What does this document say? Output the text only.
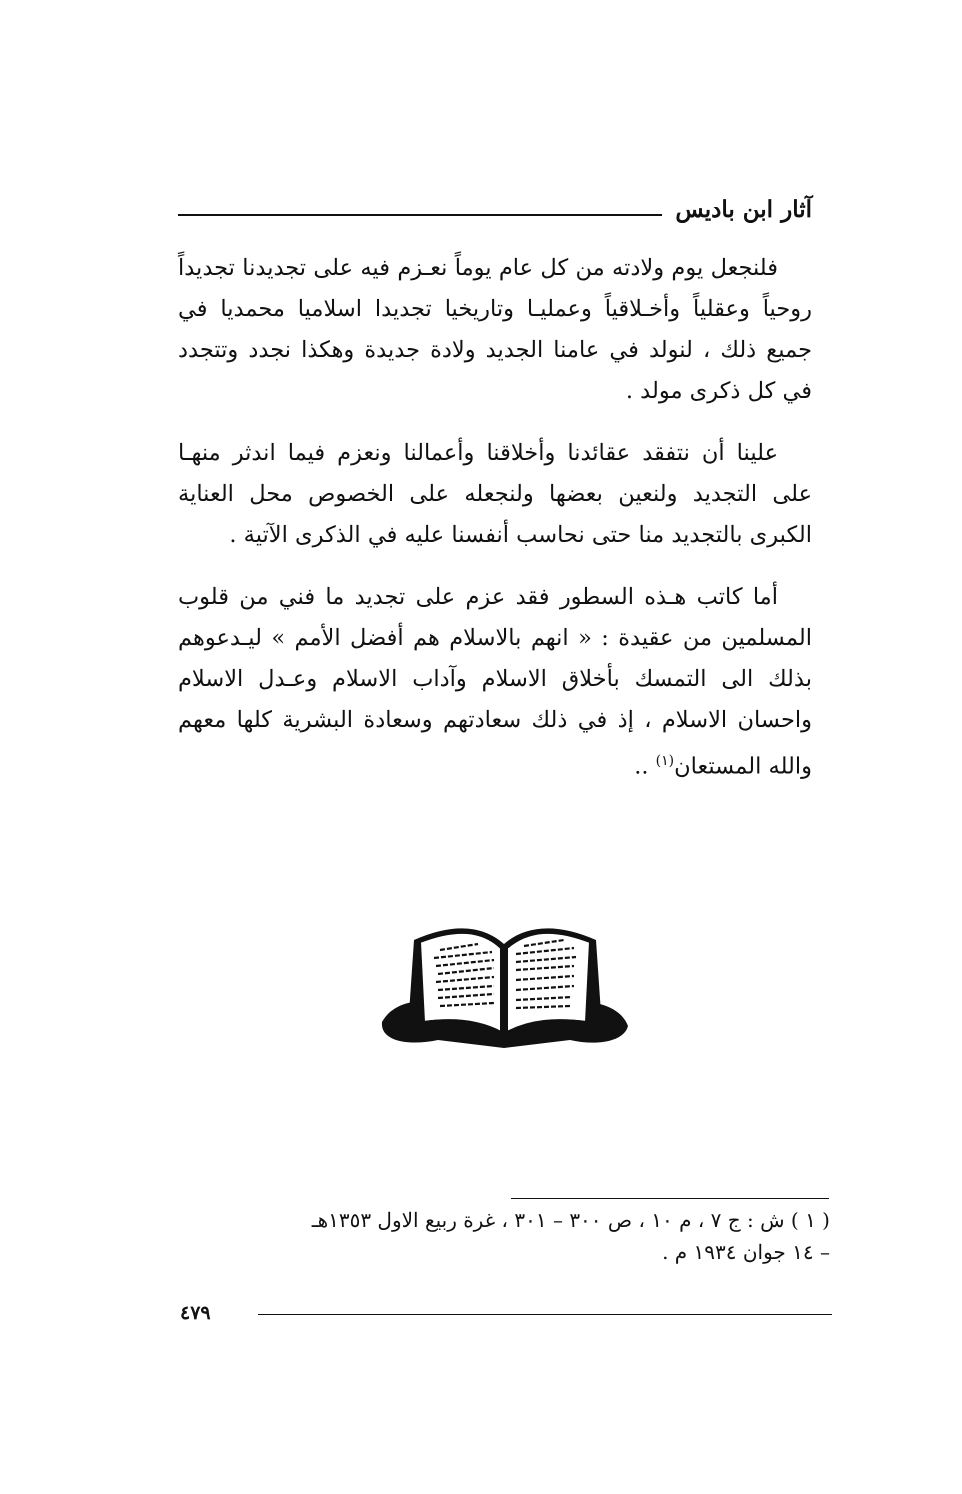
آثار ابن باديس

فلنجعل يوم ولادته من كل عام يوماً نعـزم فيه على تجديدنا تجديداً روحياً وعقلياً وأخـلاقياً وعمليـا وتاريخيا تجديدا اسلاميا محمديا في جميع ذلك ، لنولد في عامنا الجديد ولادة جديدة وهكذا نجدد وتتجدد في كل ذكرى مولد .

علينا أن نتفقد عقائدنا وأخلاقنا وأعمالنا ونعزم فيما اندثر منهـا على التجديد ولنعين بعضها ولنجعله على الخصوص محل العناية الكبرى بالتجديد منا حتى نحاسب أنفسنا عليه في الذكرى الآتية .

أما كاتب هـذه السطور فقد عزم على تجديد ما فني من قلوب المسلمين من عقيدة : « انهم بالاسلام هم أفضل الأمم » ليـدعوهم بذلك الى التمسك بأخلاق الاسلام وآداب الاسلام وعـدل الاسلام واحسان الاسلام ، إذ في ذلك سعادتهم وسعادة البشرية كلها معهم والله المستعان$^{(١)}$ ..

( ١ ) ش : ج ٧ ، م ١٠ ، ص ٣٠٠ – ٣٠١ ، غرة ربيع الاول ١٣٥٣هـ
– ١٤ جوان ١٩٣٤ م .
٤٧٩
